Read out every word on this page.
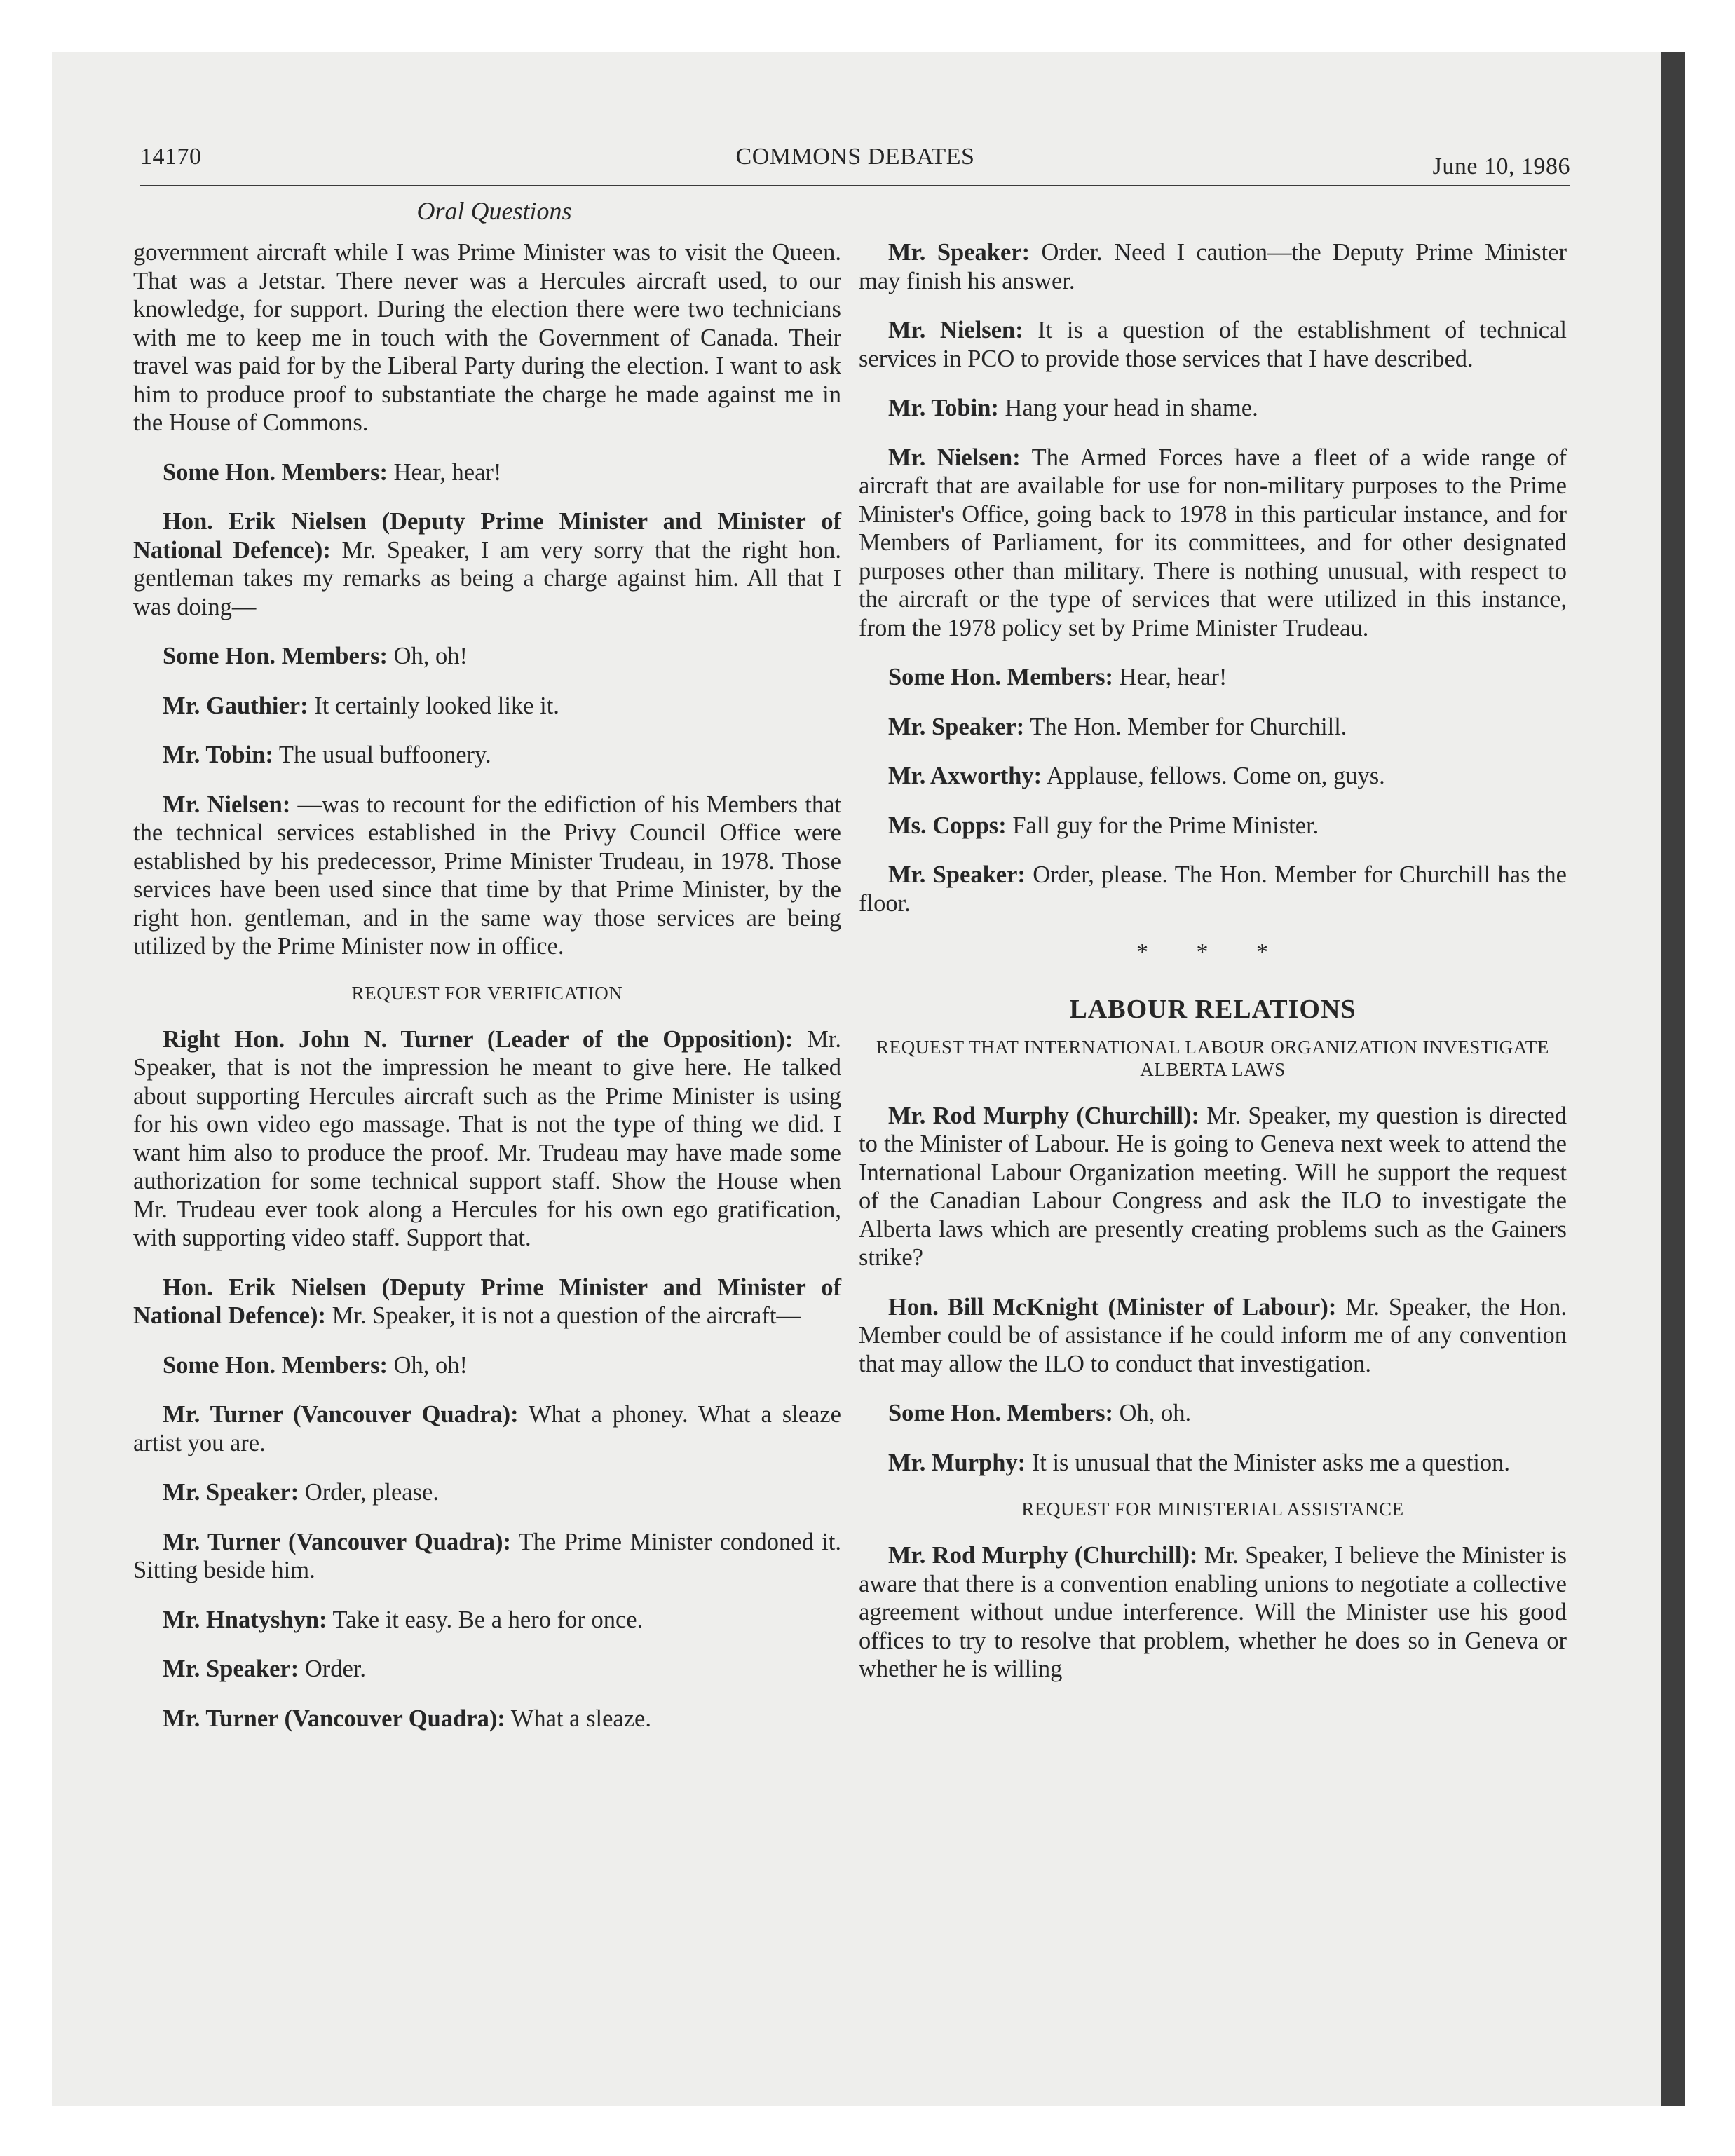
14170	COMMONS DEBATES	June 10, 1986
Oral Questions

government aircraft while I was Prime Minister was to visit the Queen. That was a Jetstar. There never was a Hercules aircraft used, to our knowledge, for support. During the election there were two technicians with me to keep me in touch with the Government of Canada. Their travel was paid for by the Liberal Party during the election. I want to ask him to produce proof to substantiate the charge he made against me in the House of Commons.

Some Hon. Members: Hear, hear!

Hon. Erik Nielsen (Deputy Prime Minister and Minister of National Defence): Mr. Speaker, I am very sorry that the right hon. gentleman takes my remarks as being a charge against him. All that I was doing—

Some Hon. Members: Oh, oh!

Mr. Gauthier: It certainly looked like it.

Mr. Tobin: The usual buffoonery.

Mr. Nielsen: —was to recount for the edifiction of his Members that the technical services established in the Privy Council Office were established by his predecessor, Prime Minister Trudeau, in 1978. Those services have been used since that time by that Prime Minister, by the right hon. gentleman, and in the same way those services are being utilized by the Prime Minister now in office.

REQUEST FOR VERIFICATION

Right Hon. John N. Turner (Leader of the Opposition): Mr. Speaker, that is not the impression he meant to give here. He talked about supporting Hercules aircraft such as the Prime Minister is using for his own video ego massage. That is not the type of thing we did. I want him also to produce the proof. Mr. Trudeau may have made some authorization for some technical support staff. Show the House when Mr. Trudeau ever took along a Hercules for his own ego gratification, with supporting video staff. Support that.

Hon. Erik Nielsen (Deputy Prime Minister and Minister of National Defence): Mr. Speaker, it is not a question of the aircraft—

Some Hon. Members: Oh, oh!

Mr. Turner (Vancouver Quadra): What a phoney. What a sleaze artist you are.

Mr. Speaker: Order, please.

Mr. Turner (Vancouver Quadra): The Prime Minister condoned it. Sitting beside him.

Mr. Hnatyshyn: Take it easy. Be a hero for once.

Mr. Speaker: Order.

Mr. Turner (Vancouver Quadra): What a sleaze.

Mr. Speaker: Order. Need I caution—the Deputy Prime Minister may finish his answer.

Mr. Nielsen: It is a question of the establishment of technical services in PCO to provide those services that I have described.

Mr. Tobin: Hang your head in shame.

Mr. Nielsen: The Armed Forces have a fleet of a wide range of aircraft that are available for use for non-military purposes to the Prime Minister's Office, going back to 1978 in this particular instance, and for Members of Parliament, for its committees, and for other designated purposes other than military. There is nothing unusual, with respect to the aircraft or the type of services that were utilized in this instance, from the 1978 policy set by Prime Minister Trudeau.

Some Hon. Members: Hear, hear!

Mr. Speaker: The Hon. Member for Churchill.

Mr. Axworthy: Applause, fellows. Come on, guys.

Ms. Copps: Fall guy for the Prime Minister.

Mr. Speaker: Order, please. The Hon. Member for Churchill has the floor.

* * *
LABOUR RELATIONS
REQUEST THAT INTERNATIONAL LABOUR ORGANIZATION INVESTIGATE ALBERTA LAWS

Mr. Rod Murphy (Churchill): Mr. Speaker, my question is directed to the Minister of Labour. He is going to Geneva next week to attend the International Labour Organization meeting. Will he support the request of the Canadian Labour Congress and ask the ILO to investigate the Alberta laws which are presently creating problems such as the Gainers strike?

Hon. Bill McKnight (Minister of Labour): Mr. Speaker, the Hon. Member could be of assistance if he could inform me of any convention that may allow the ILO to conduct that investigation.

Some Hon. Members: Oh, oh.

Mr. Murphy: It is unusual that the Minister asks me a question.

REQUEST FOR MINISTERIAL ASSISTANCE

Mr. Rod Murphy (Churchill): Mr. Speaker, I believe the Minister is aware that there is a convention enabling unions to negotiate a collective agreement without undue interference. Will the Minister use his good offices to try to resolve that problem, whether he does so in Geneva or whether he is willing
